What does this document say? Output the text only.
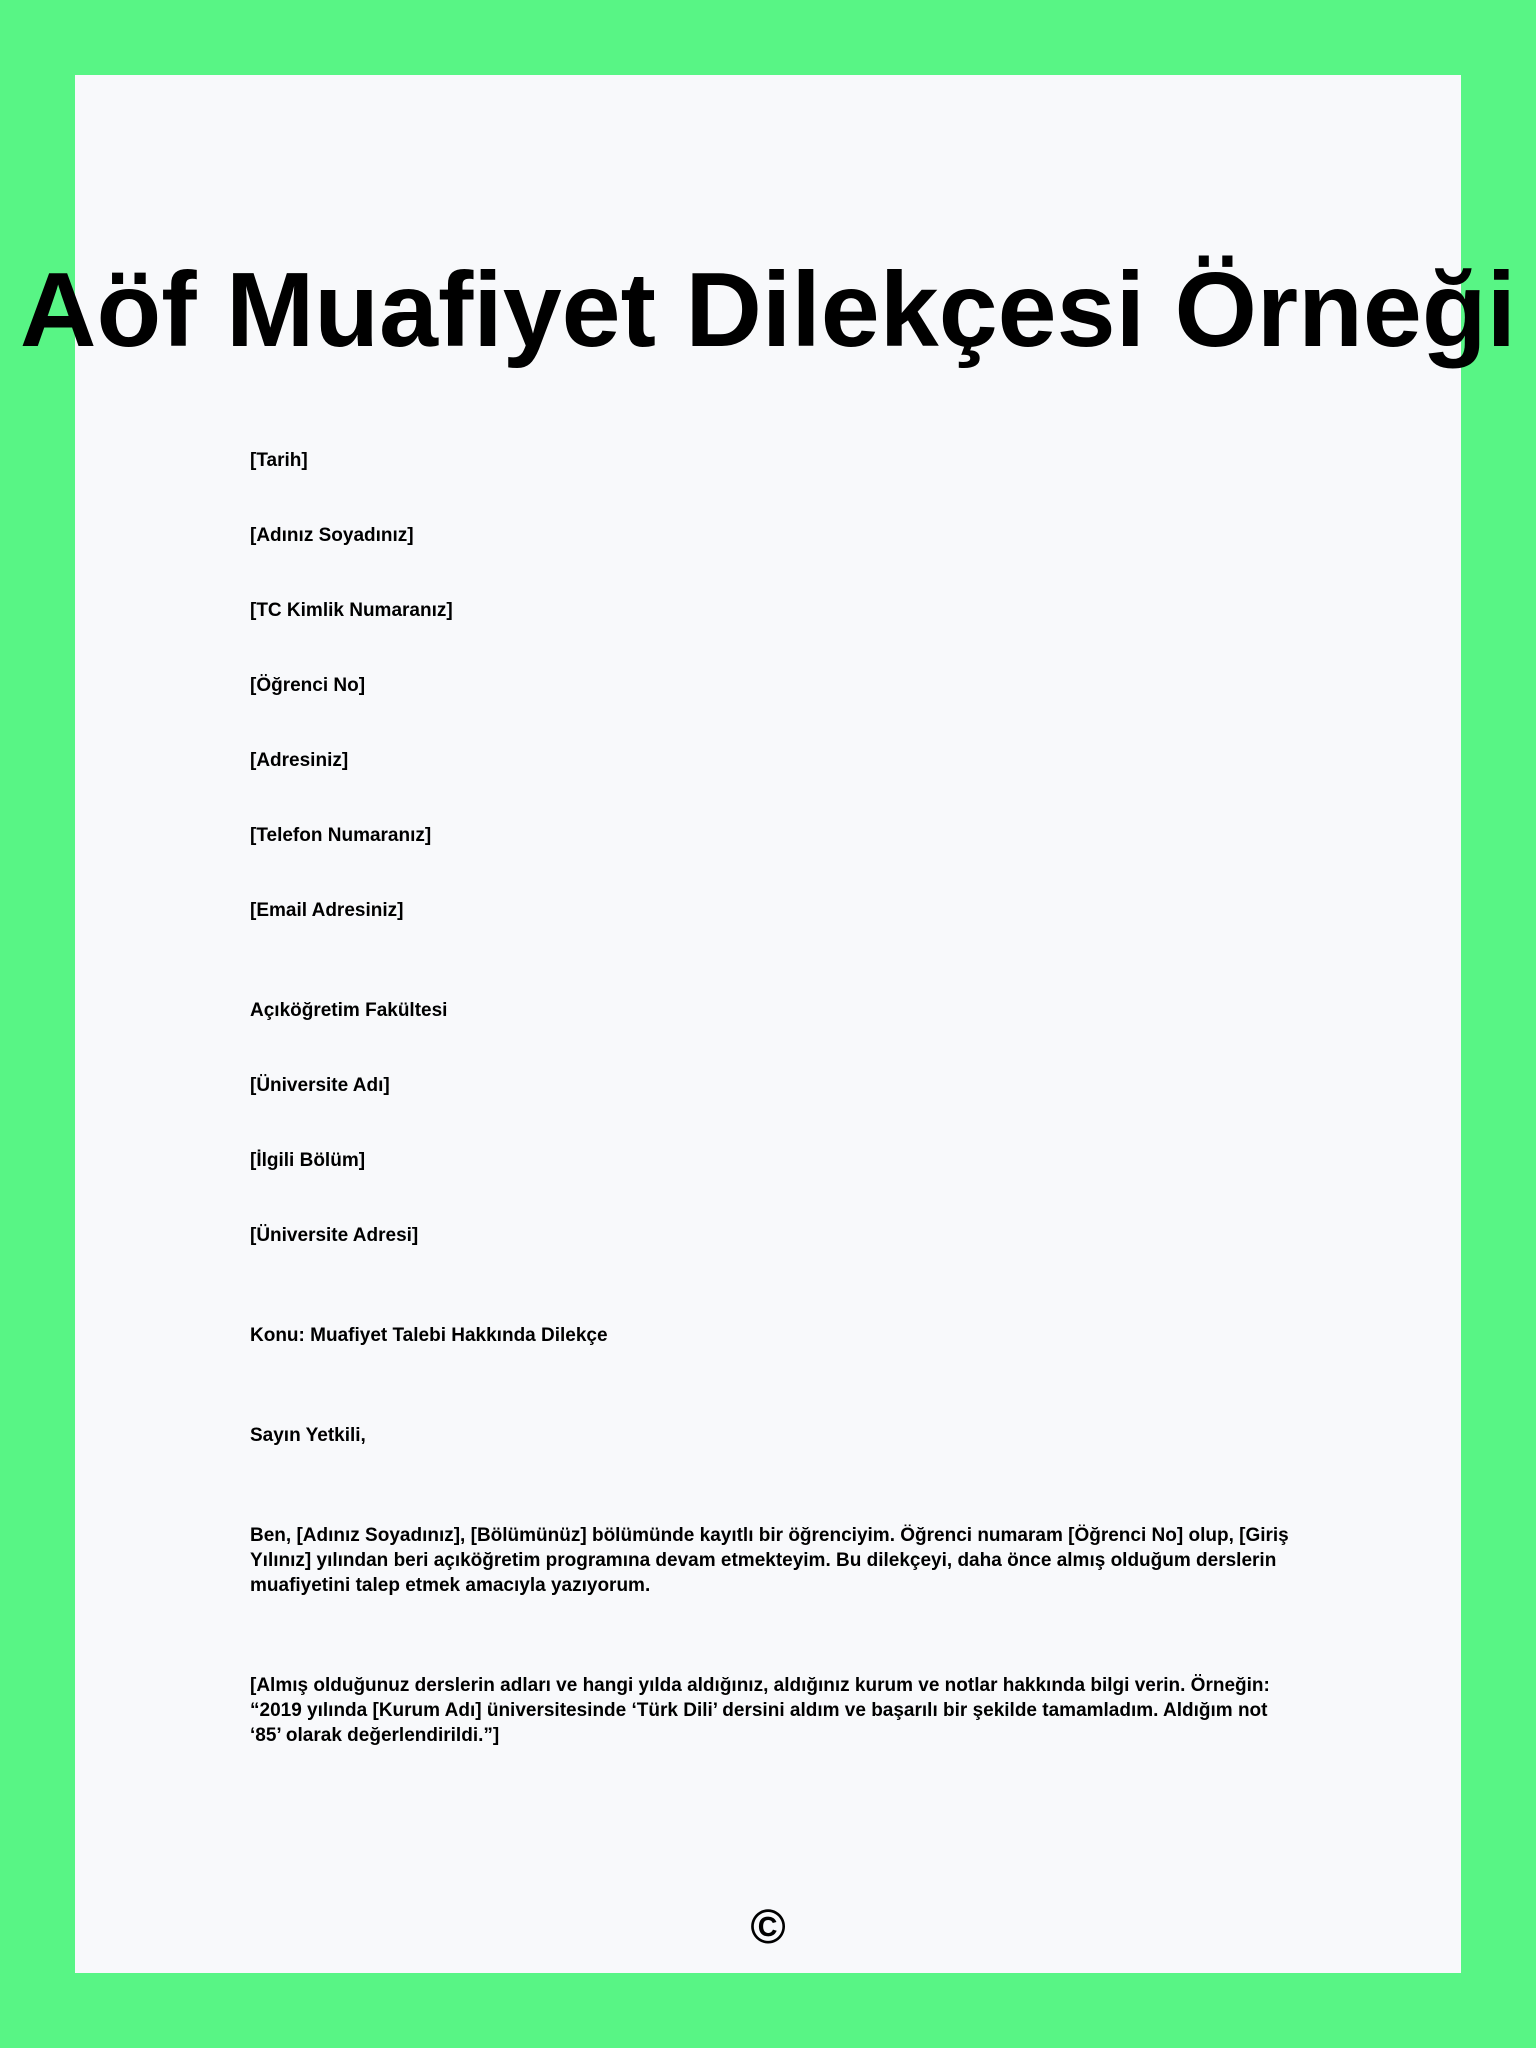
Aöf Muafiyet Dilekçesi Örneği
[Tarih]
[Adınız Soyadınız]
[TC Kimlik Numaranız]
[Öğrenci No]
[Adresiniz]
[Telefon Numaranız]
[Email Adresiniz]
Açıköğretim Fakültesi
[Üniversite Adı]
[İlgili Bölüm]
[Üniversite Adresi]
Konu: Muafiyet Talebi Hakkında Dilekçe
Sayın Yetkili,

Ben, [Adınız Soyadınız], [Bölümünüz] bölümünde kayıtlı bir öğrenciyim. Öğrenci numaram [Öğrenci No] olup, [Giriş Yılınız] yılından beri açıköğretim programına devam etmekteyim. Bu dilekçeyi, daha önce almış olduğum derslerin muafiyetini talep etmek amacıyla yazıyorum.

[Almış olduğunuz derslerin adları ve hangi yılda aldığınız, aldığınız kurum ve notlar hakkında bilgi verin. Örneğin: “2019 yılında [Kurum Adı] üniversitesinde ‘Türk Dili’ dersini aldım ve başarılı bir şekilde tamamladım. Aldığım not ‘85’ olarak değerlendirildi.”]

©
